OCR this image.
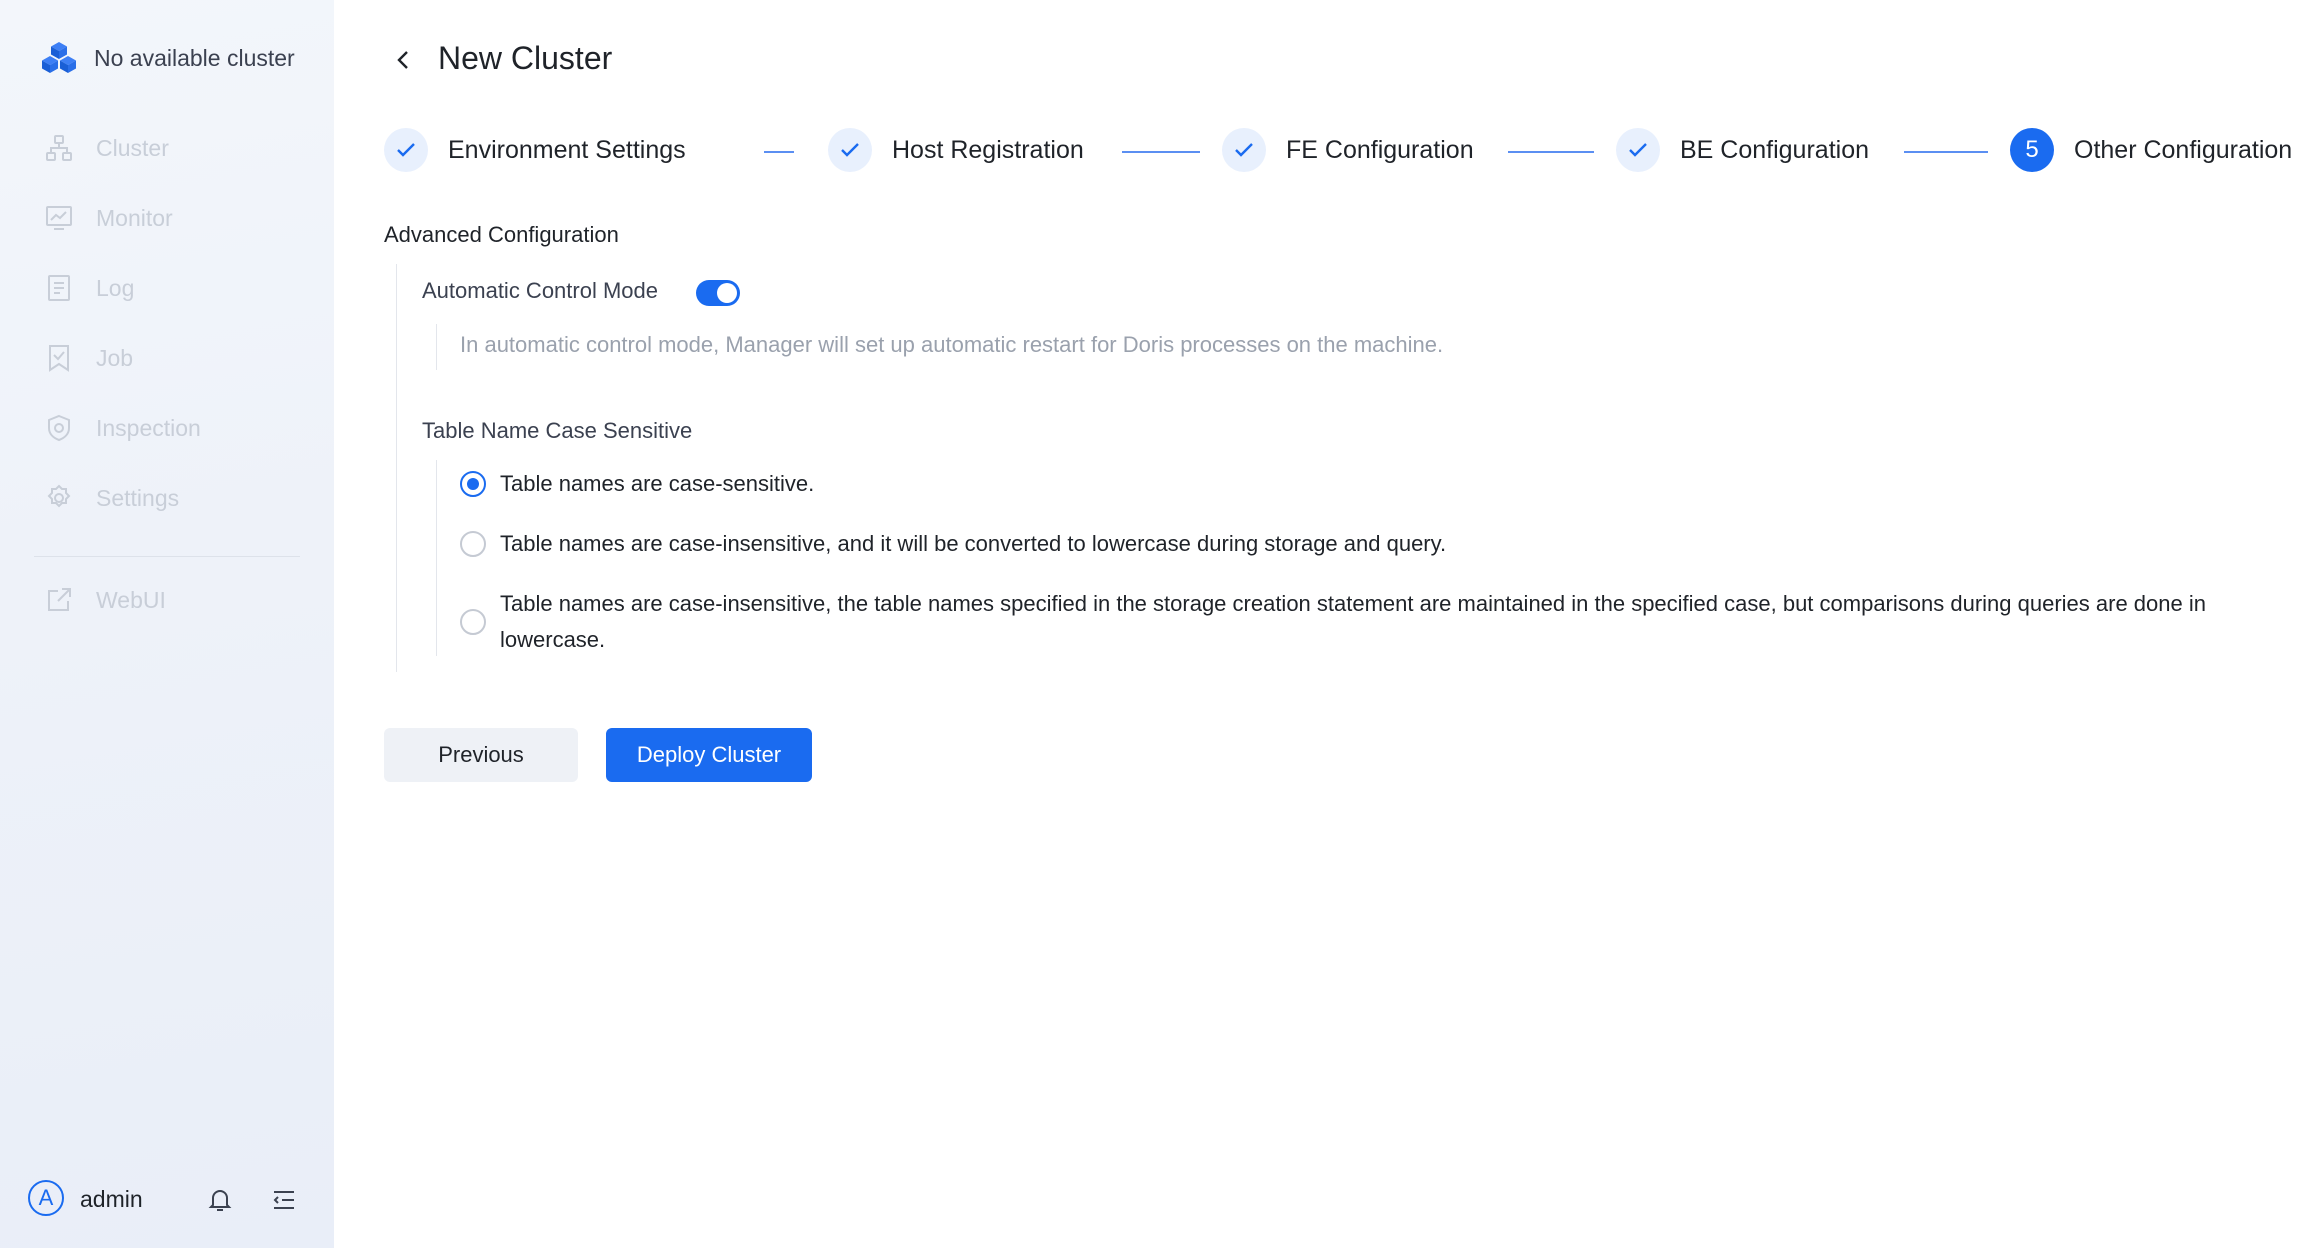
No available cluster
Cluster
Monitor
Log
Job
Inspection
Settings
WebUI
A	admin
New Cluster
Environment Settings	Host Registration	FE Configuration	BE Configuration	5	Other Configuration
Advanced Configuration
Automatic Control Mode
In automatic control mode, Manager will set up automatic restart for Doris processes on the machine.
Table Name Case Sensitive
Table names are case-sensitive.
Table names are case-insensitive, and it will be converted to lowercase during storage and query.
Table names are case-insensitive, the table names specified in the storage creation statement are maintained in the specified case, but comparisons during queries are done in lowercase.
Previous	Deploy Cluster
